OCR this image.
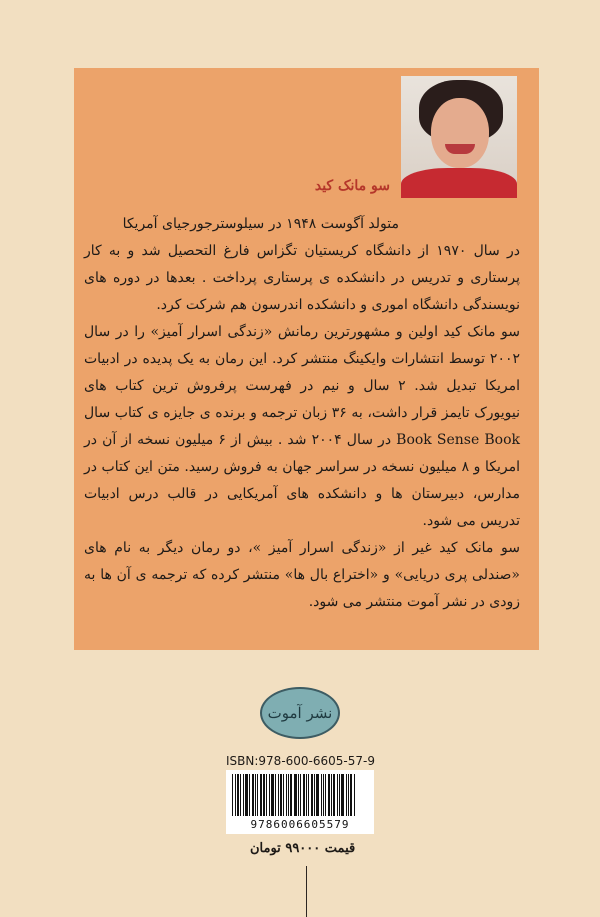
سو مانک کید
متولد آگوست ۱۹۴۸ در سیلوسترجورجیای آمریکا

در سال ۱۹۷۰ از دانشگاه کریستیان تگزاس فارغ التحصیل شد و به کار پرستاری و تدریس در دانشکده ی پرستاری پرداخت . بعدها در دوره های نویسندگی دانشگاه اموری و دانشکده اندرسون هم شرکت کرد.

سو مانک کید اولین و مشهورترین رمانش «زندگی اسرار آمیز» را در سال ۲۰۰۲ توسط انتشارات وایکینگ منتشر کرد. این رمان به یک پدیده در ادبیات امریکا تبدیل شد. ۲ سال و نیم در فهرست پرفروش ترین کتاب های نیویورک تایمز قرار داشت، به ۳۶ زبان ترجمه و برنده ی جایزه ی کتاب سال Book Sense Book در سال ۲۰۰۴ شد . بیش از ۶ میلیون نسخه از آن در امریکا و ۸ میلیون نسخه در سراسر جهان به فروش رسید. متن این کتاب در مدارس، دبیرستان ها و دانشکده های آمریکایی در قالب درس ادبیات تدریس می شود.

سو مانک کید غیر از «زندگی اسرار آمیز »، دو رمان دیگر به نام های «صندلی پری دریایی» و «اختراع بال ها» منتشر کرده که ترجمه ی آن ها به زودی در نشر آموت منتشر می شود.

نشر آموت
ISBN:978-600-6605-57-9
9786006605579
قیمت ۹۹۰۰۰ تومان
